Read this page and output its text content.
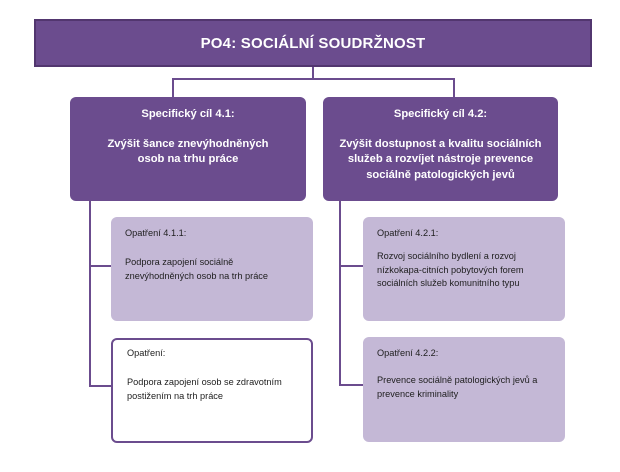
PO4: SOCIÁLNÍ SOUDRŽNOST
Specifický cíl 4.1:
Zvýšit šance znevýhodněných osob na trhu práce
Specifický cíl 4.2:
Zvýšit dostupnost a kvalitu sociálních služeb a rozvíjet nástroje prevence sociálně patologických jevů
Opatření 4.1.1:
Podpora zapojení sociálně znevýhodněných osob na trh práce
Opatření:
Podpora zapojení osob se zdravotním postižením na trh práce
Opatření 4.2.1:
Rozvoj sociálního bydlení a rozvoj nízkokapa-citních pobytových forem sociálních služeb komunitního typu
Opatření 4.2.2:
Prevence sociálně patologických jevů a prevence kriminality
